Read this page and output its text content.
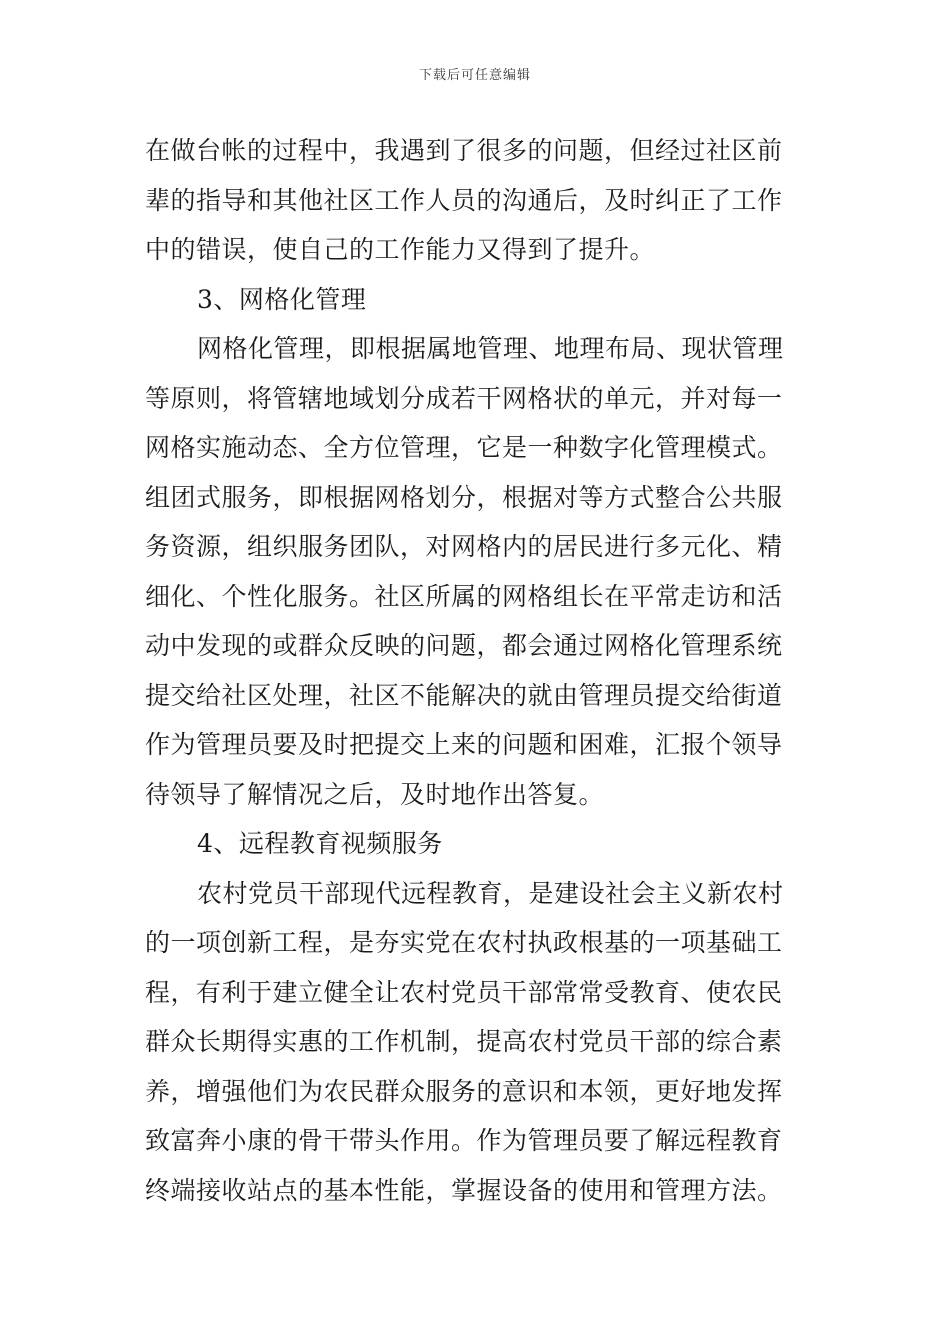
下载后可任意编辑
在做台帐的过程中，我遇到了很多的问题，但经过社区前
辈的指导和其他社区工作人员的沟通后，及时纠正了工作
中的错误，使自己的工作能力又得到了提升。
3、网格化管理
网格化管理，即根据属地管理、地理布局、现状管理
等原则，将管辖地域划分成若干网格状的单元，并对每一
网格实施动态、全方位管理，它是一种数字化管理模式。
组团式服务，即根据网格划分，根据对等方式整合公共服
务资源，组织服务团队，对网格内的居民进行多元化、精
细化、个性化服务。社区所属的网格组长在平常走访和活
动中发现的或群众反映的问题，都会通过网格化管理系统
提交给社区处理，社区不能解决的就由管理员提交给街道
作为管理员要及时把提交上来的问题和困难，汇报个领导
待领导了解情况之后，及时地作出答复。
4、远程教育视频服务
农村党员干部现代远程教育，是建设社会主义新农村
的一项创新工程，是夯实党在农村执政根基的一项基础工
程，有利于建立健全让农村党员干部常常受教育、使农民
群众长期得实惠的工作机制，提高农村党员干部的综合素
养，增强他们为农民群众服务的意识和本领，更好地发挥
致富奔小康的骨干带头作用。作为管理员要了解远程教育
终端接收站点的基本性能，掌握设备的使用和管理方法。
